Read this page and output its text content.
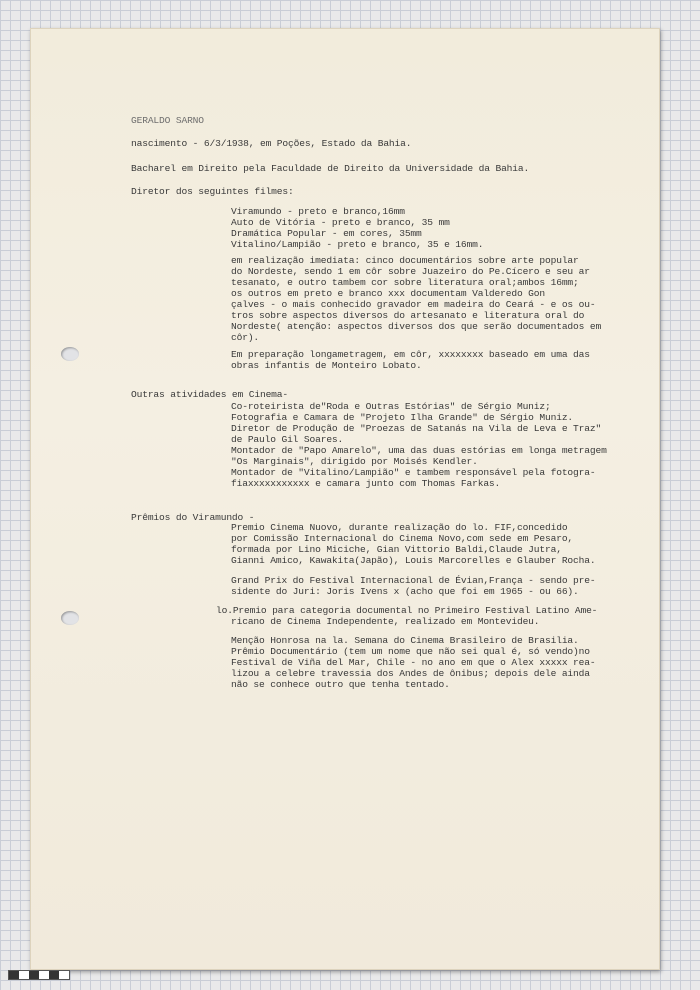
GERALDO SARNO
nascimento - 6/3/1938, em Poções, Estado da Bahia.
Bacharel em Direito pela Faculdade de Direito da Universidade da Bahia.
Diretor dos seguintes filmes:
Viramundo - preto e branco,16mm
Auto de Vitória - preto e branco, 35 mm
Dramática Popular - em cores, 35mm
Vitalino/Lampião - preto e branco, 35 e 16mm.
em realização imediata: cinco documentários sobre arte popular
do Nordeste, sendo 1 em côr sobre Juazeiro do Pe.Cícero e seu ar
tesanato, e outro tambem cor sobre literatura oral;ambos 16mm;
os outros em preto e branco xxx documentam Valderedo Gon
çalves - o mais conhecido gravador em madeira do Ceará - e os ou-
tros sobre aspectos diversos do artesanato e literatura oral do
Nordeste( atenção: aspectos diversos dos que serão documentados em
côr).
Em preparação longametragem, em côr, xxxxxxxx baseado em uma das
obras infantis de Monteiro Lobato.
Outras atividades em Cinema-
Co-roteirista de"Roda e Outras Estórias" de Sérgio Muniz;
Fotografia e Camara de "Projeto Ilha Grande" de Sérgio Muniz.
Diretor de Produção de "Proezas de Satanás na Vila de Leva e Traz"
de Paulo Gil Soares.
Montador de "Papo Amarelo", uma das duas estórias em longa metragem
"Os Marginais", dirigido por Moisés Kendler.
Montador de "Vitalino/Lampião" e tambem responsável pela fotogra-
fiaxxxxxxxxxxx e camara junto com Thomas Farkas.
Prêmios do Viramundo -
Premio Cinema Nuovo, durante realização do lo. FIF,concedido
por Comissão Internacional do Cinema Novo,com sede em Pesaro,
formada por Lino Miciche, Gian Vittorio Baldi,Claude Jutra,
Gianni Amico, Kawakita(Japão), Louis Marcorelles e Glauber Rocha.
Grand Prix do Festival Internacional de Évian,França - sendo pre-
sidente do Juri: Joris Ivens x (acho que foi em 1965 - ou 66).
lo.Premio para categoria documental no Primeiro Festival Latino Ame-
ricano de Cinema Independente, realizado em Montevideu.
Menção Honrosa na la. Semana do Cinema Brasileiro de Brasilia.
Prêmio Documentário (tem um nome que não sei qual é, só vendo)no
Festival de Viña del Mar, Chile - no ano em que o Alex xxxxx rea-
lizou a celebre travessia dos Andes de ônibus; depois dele ainda
não se conhece outro que tenha tentado.
